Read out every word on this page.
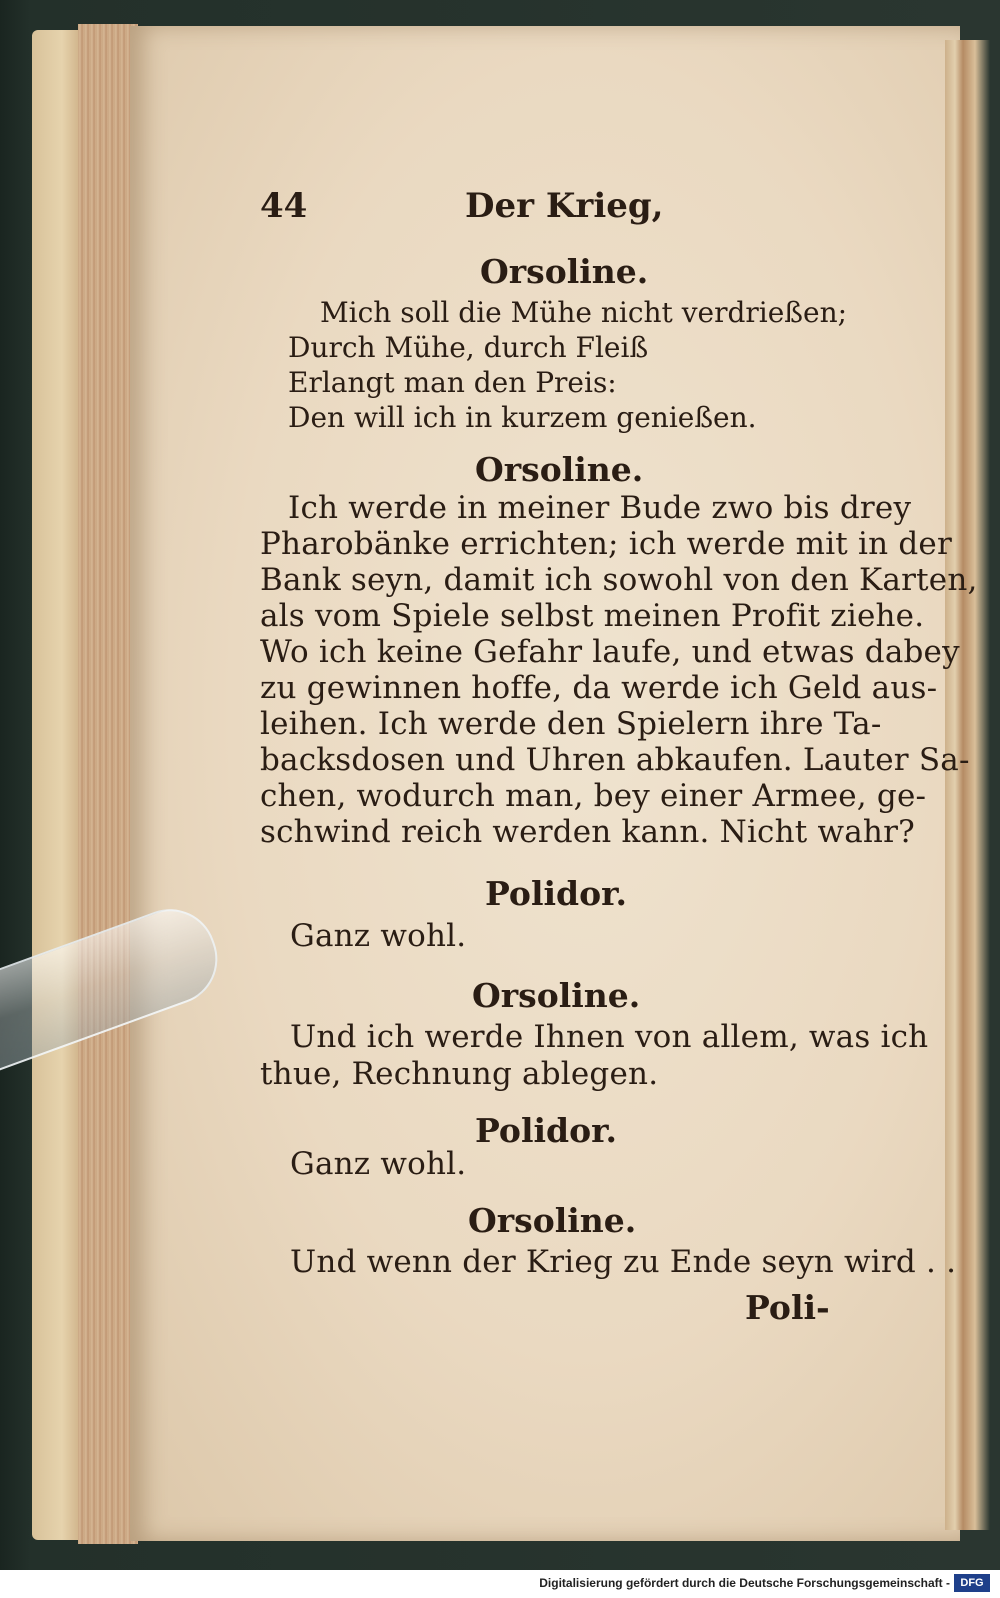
44	Der Krieg,
Orsoline.
Mich soll die Mühe nicht verdrießen;
Durch Mühe, durch Fleiß
Erlangt man den Preis:
Den will ich in kurzem genießen.
Orsoline.
Ich werde in meiner Bude zwo bis drey
Pharobänke errichten; ich werde mit in der
Bank seyn, damit ich sowohl von den Karten,
als vom Spiele selbst meinen Profit ziehe.
Wo ich keine Gefahr laufe, und etwas dabey
zu gewinnen hoffe, da werde ich Geld aus-
leihen. Ich werde den Spielern ihre Ta-
backsdosen und Uhren abkaufen. Lauter Sa-
chen, wodurch man, bey einer Armee, ge-
schwind reich werden kann. Nicht wahr?
Polidor.
Ganz wohl.
Orsoline.
Und ich werde Ihnen von allem, was ich
thue, Rechnung ablegen.
Polidor.
Ganz wohl.
Orsoline.
Und wenn der Krieg zu Ende seyn wird . .
Poli-
Digitalisierung gefördert durch die Deutsche Forschungsgemeinschaft - DFG
